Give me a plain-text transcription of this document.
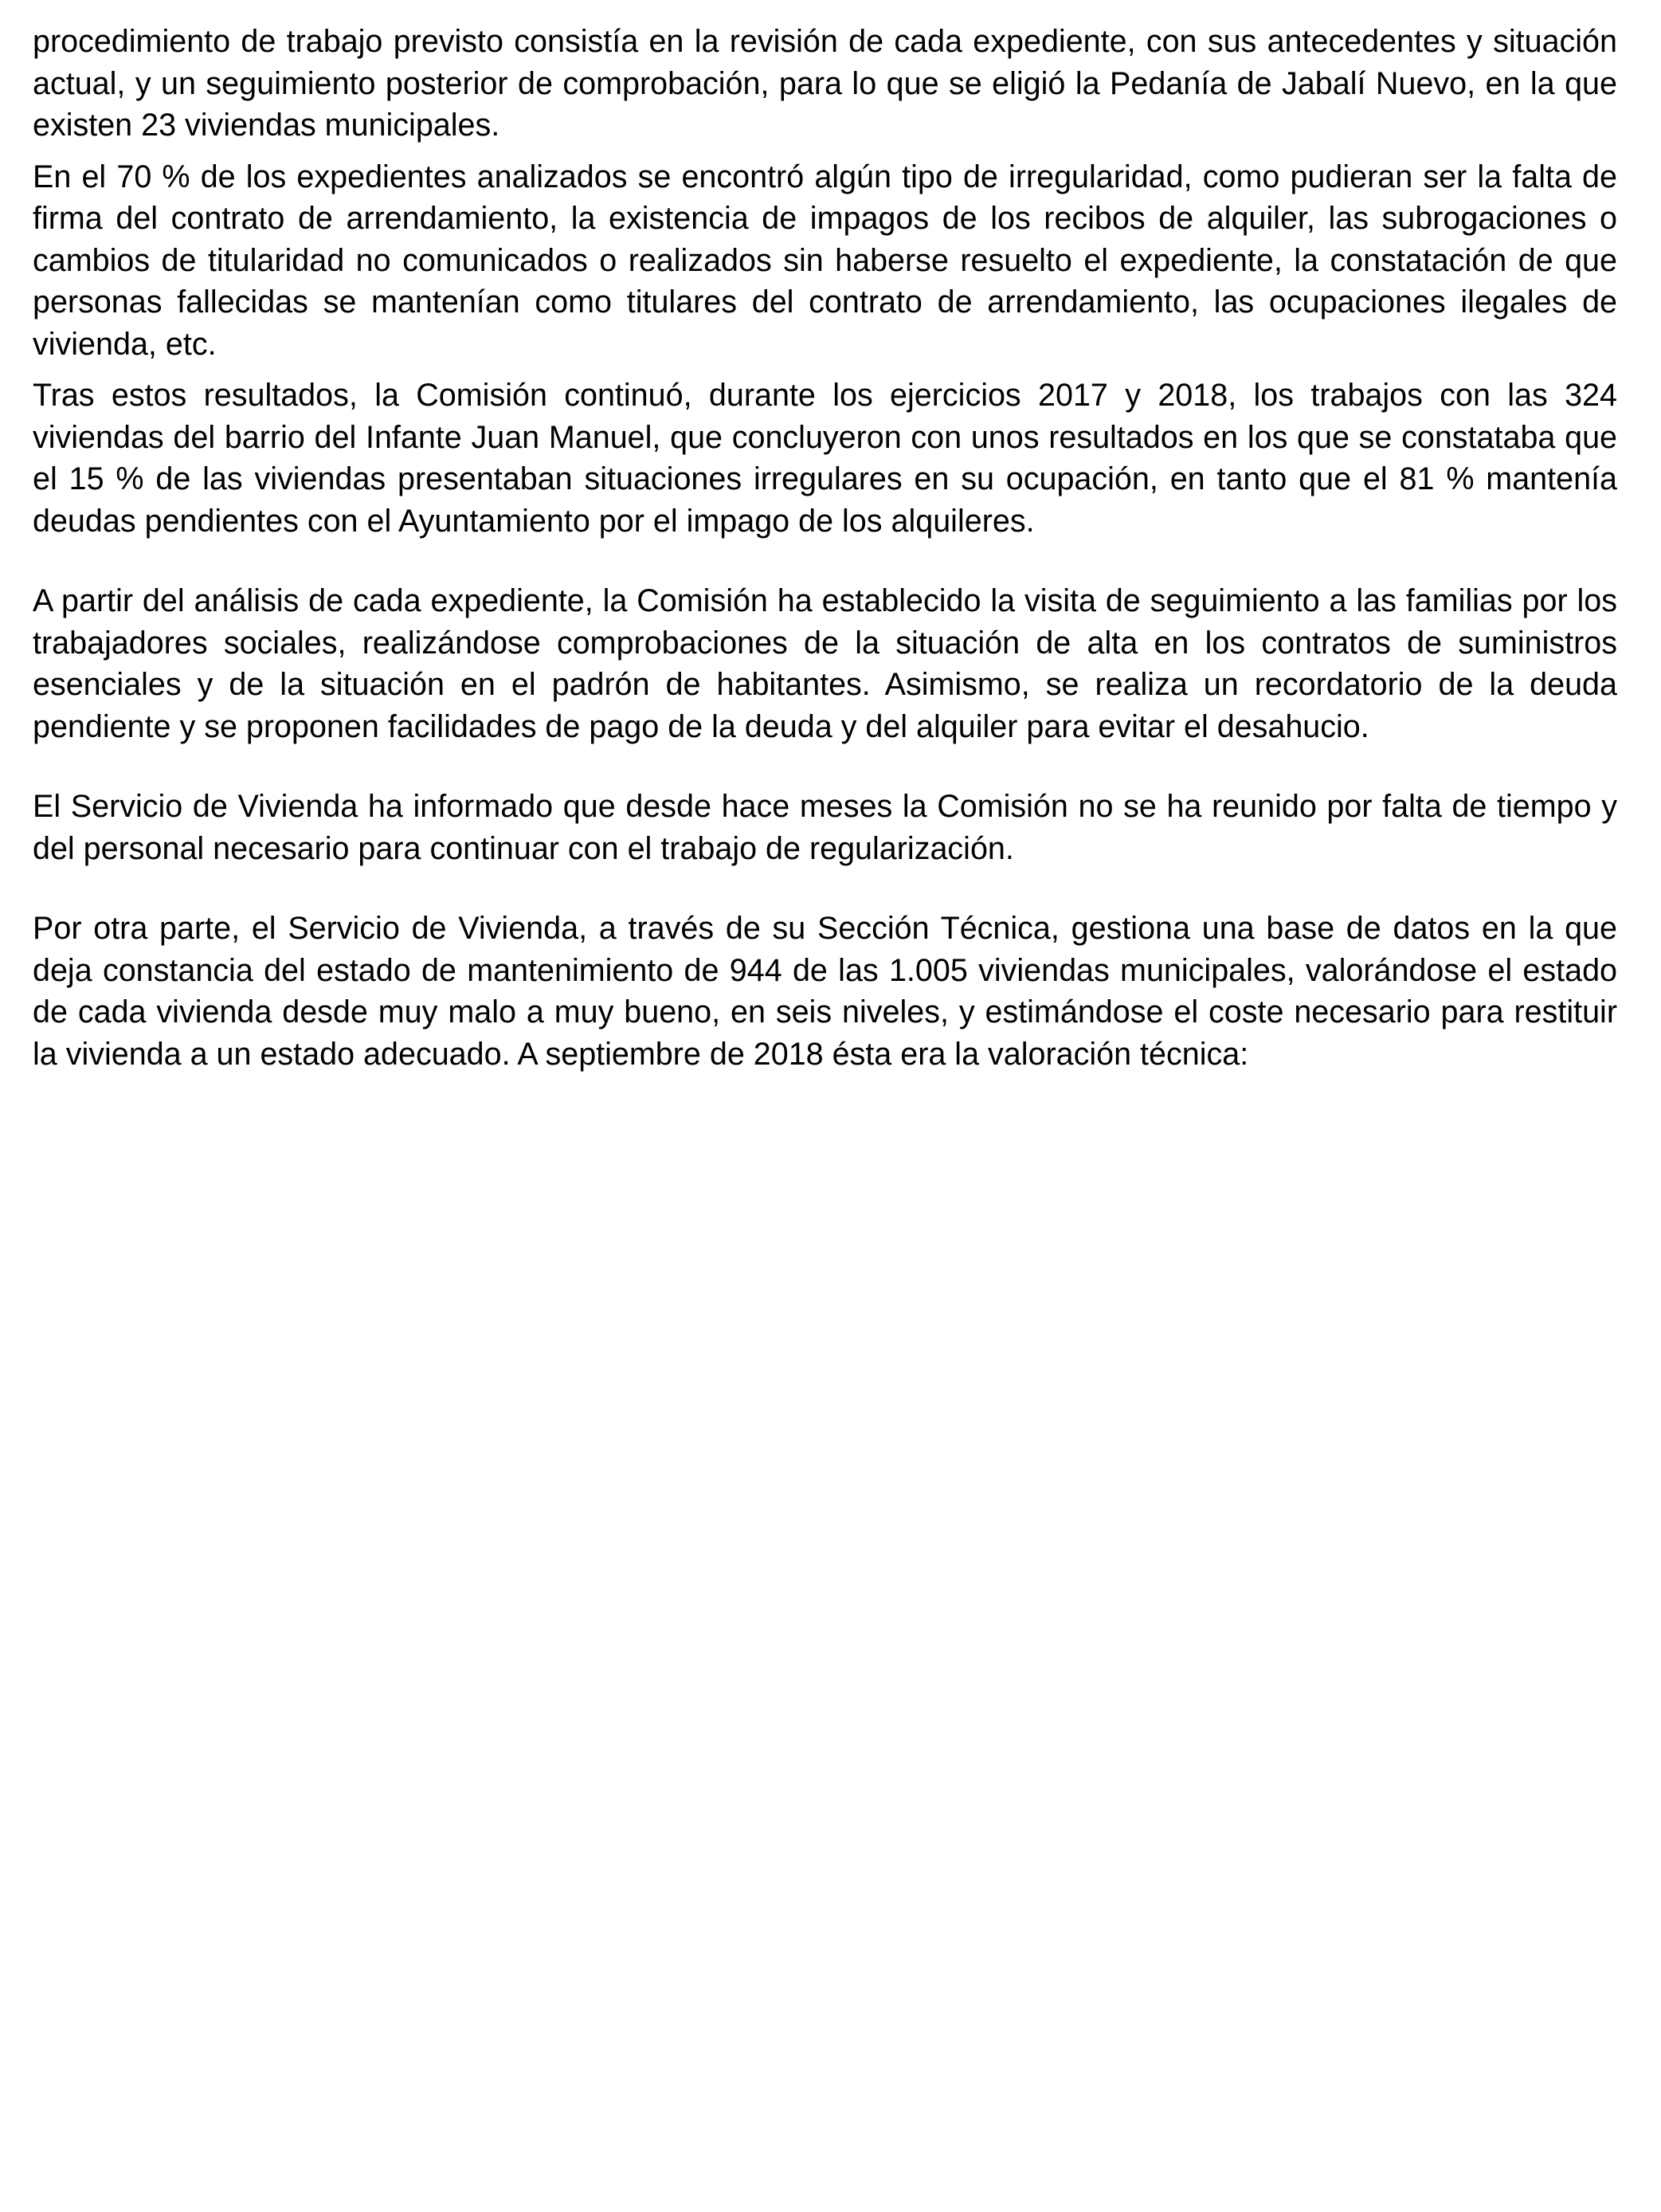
procedimiento de trabajo previsto consistía en la revisión de cada expediente, con sus antecedentes y situación actual, y un seguimiento posterior de comprobación, para lo que se eligió la Pedanía de Jabalí Nuevo, en la que existen 23 viviendas municipales.

En el 70 % de los expedientes analizados se encontró algún tipo de irregularidad, como pudieran ser la falta de firma del contrato de arrendamiento, la existencia de impagos de los recibos de alquiler, las subrogaciones o cambios de titularidad no comunicados o realizados sin haberse resuelto el expediente, la constatación de que personas fallecidas se mantenían como titulares del contrato de arrendamiento, las ocupaciones ilegales de vivienda, etc.

Tras estos resultados, la Comisión continuó, durante los ejercicios 2017 y 2018, los trabajos con las 324 viviendas del barrio del Infante Juan Manuel, que concluyeron con unos resultados en los que se constataba que el 15 % de las viviendas presentaban situaciones irregulares en su ocupación, en tanto que el 81 % mantenía deudas pendientes con el Ayuntamiento por el impago de los alquileres.

A partir del análisis de cada expediente, la Comisión ha establecido la visita de seguimiento a las familias por los trabajadores sociales, realizándose comprobaciones de la situación de alta en los contratos de suministros esenciales y de la situación en el padrón de habitantes. Asimismo, se realiza un recordatorio de la deuda pendiente y se proponen facilidades de pago de la deuda y del alquiler para evitar el desahucio.

El Servicio de Vivienda ha informado que desde hace meses la Comisión no se ha reunido por falta de tiempo y del personal necesario para continuar con el trabajo de regularización.

Por otra parte, el Servicio de Vivienda, a través de su Sección Técnica, gestiona una base de datos en la que deja constancia del estado de mantenimiento de 944 de las 1.005 viviendas municipales, valorándose el estado de cada vivienda desde muy malo a muy bueno, en seis niveles, y estimándose el coste necesario para restituir la vivienda a un estado adecuado. A septiembre de 2018 ésta era la valoración técnica:
